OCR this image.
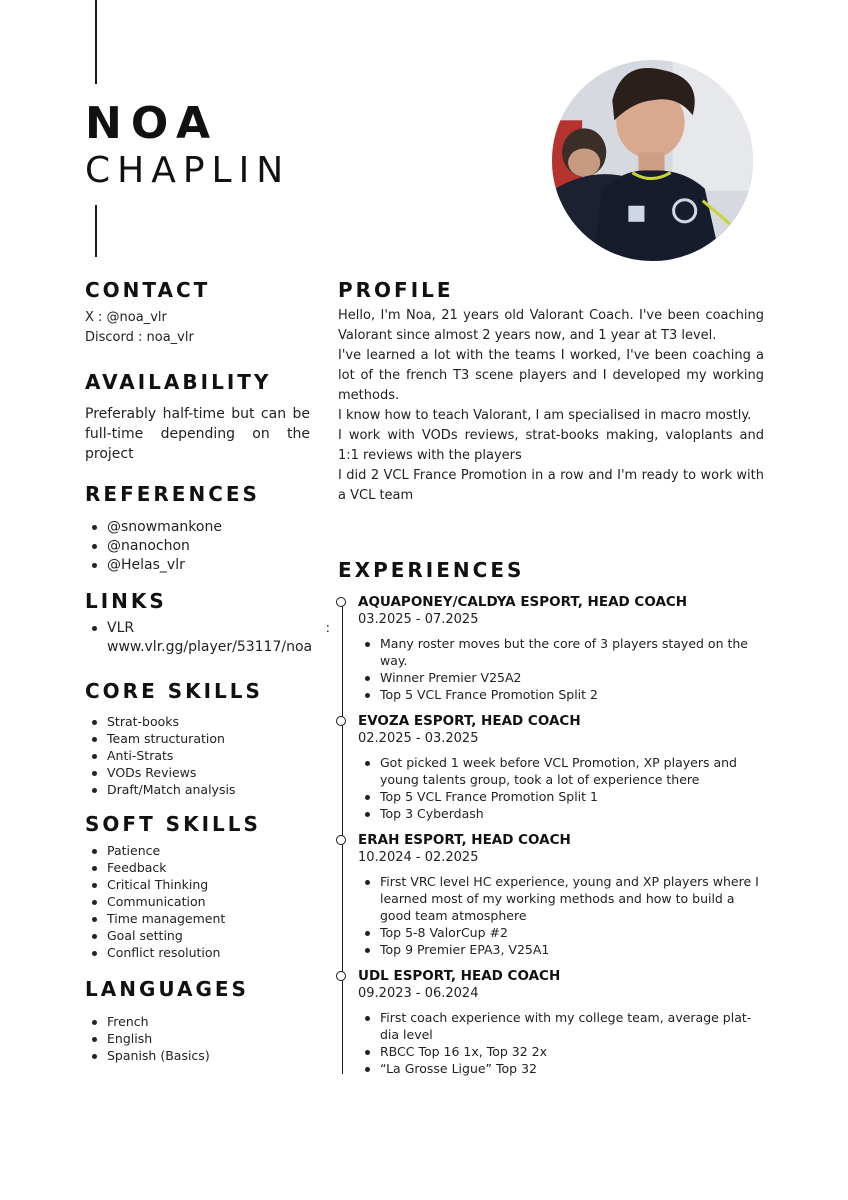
NOA
CHAPLIN
CONTACT
X : @noa_vlr
Discord : noa_vlr
AVAILABILITY
Preferably half-time but can be full-time depending on the project
REFERENCES
@snowmankone
@nanochon
@Helas_vlr
LINKS
VLR	:

www.vlr.gg/player/53117/noa
CORE SKILLS
Strat-books
Team structuration
Anti-Strats
VODs Reviews
Draft/Match analysis
SOFT SKILLS
Patience
Feedback
Critical Thinking
Communication
Time management
Goal setting
Conflict resolution
LANGUAGES
French
English
Spanish (Basics)
PROFILE

Hello, I'm Noa, 21 years old Valorant Coach. I've been coaching Valorant since almost 2 years now, and 1 year at T3 level.

I've learned a lot with the teams I worked, I've been coaching a lot of the french T3 scene players and I developed my working methods.

I know how to teach Valorant, I am specialised in macro mostly.

I work with VODs reviews, strat-books making, valoplants and 1:1 reviews with the players

I did 2 VCL France Promotion in a row and I'm ready to work with a VCL team

EXPERIENCES
AQUAPONEY/CALDYA ESPORT, HEAD COACH
03.2025 - 07.2025
Many roster moves but the core of 3 players stayed on the way.
Winner Premier V25A2
Top 5 VCL France Promotion Split 2
EVOZA ESPORT, HEAD COACH
02.2025 - 03.2025
Got picked 1 week before VCL Promotion, XP players and young talents group, took a lot of experience there
Top 5 VCL France Promotion Split 1
Top 3 Cyberdash
ERAH ESPORT, HEAD COACH
10.2024 - 02.2025
First VRC level HC experience, young and XP players where I learned most of my working methods and how to build a good team atmosphere
Top 5-8 ValorCup #2
Top 9 Premier EPA3, V25A1
UDL ESPORT, HEAD COACH
09.2023 - 06.2024
First coach experience with my college team, average plat-dia level
RBCC Top 16 1x, Top 32 2x
“La Grosse Ligue” Top 32
